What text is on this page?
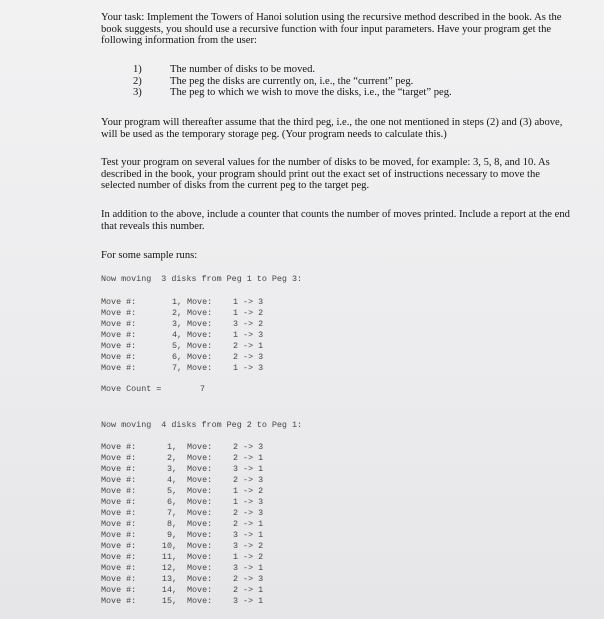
Your task: Implement the Towers of Hanoi solution using the recursive method described in the book. As the book suggests, you should use a recursive function with four input parameters. Have your program get the following information from the user:

1)	The number of disks to be moved.
2)	The peg the disks are currently on, i.e., the “current” peg.
3)	The peg to which we wish to move the disks, i.e., the “target” peg.

Your program will thereafter assume that the third peg, i.e., the one not mentioned in steps (2) and (3) above, will be used as the temporary storage peg. (Your program needs to calculate this.)

Test your program on several values for the number of disks to be moved, for example: 3, 5, 8, and 10. As described in the book, your program should print out the exact set of instructions necessary to move the selected number of disks from the current peg to the target peg.

In addition to the above, include a counter that counts the number of moves printed. Include a report at the end that reveals this number.

For some sample runs:

Now moving  3 disks from Peg 1 to Peg 3:
Move #:	1, Move: 1 -> 3
Move #:	2, Move: 1 -> 2
Move #:	3, Move: 3 -> 2
Move #:	4, Move: 1 -> 3
Move #:	5, Move: 2 -> 1
Move #:	6, Move: 2 -> 3
Move #:	7, Move: 1 -> 3
Move Count =	7
Now moving  4 disks from Peg 2 to Peg 1:
Move #:	1, Move: 2 -> 3
Move #:	2, Move: 2 -> 1
Move #:	3, Move: 3 -> 1
Move #:	4, Move: 2 -> 3
Move #:	5, Move: 1 -> 2
Move #:	6, Move: 1 -> 3
Move #:	7, Move: 2 -> 3
Move #:	8, Move: 2 -> 1
Move #:	9, Move: 3 -> 1
Move #:	10, Move: 3 -> 2
Move #:	11, Move: 1 -> 2
Move #:	12, Move: 3 -> 1
Move #:	13, Move: 2 -> 3
Move #:	14, Move: 2 -> 1
Move #:	15, Move: 3 -> 1
